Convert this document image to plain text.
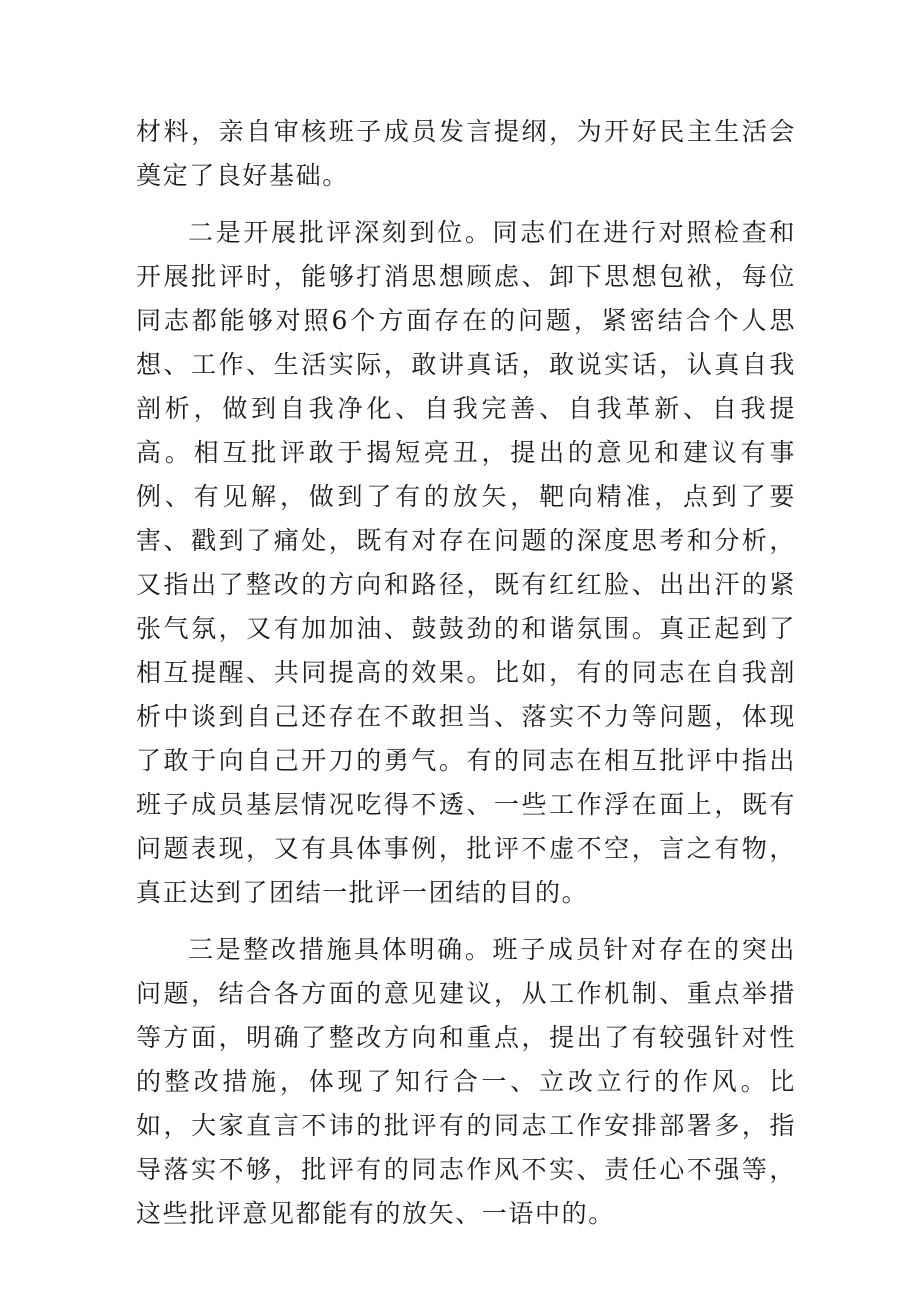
材料，亲自审核班子成员发言提纲，为开好民主生活会奠定了良好基础。

二是开展批评深刻到位。同志们在进行对照检查和开展批评时，能够打消思想顾虑、卸下思想包袱，每位同志都能够对照6个方面存在的问题，紧密结合个人思想、工作、生活实际，敢讲真话，敢说实话，认真自我剖析，做到自我净化、自我完善、自我革新、自我提高。相互批评敢于揭短亮丑，提出的意见和建议有事例、有见解，做到了有的放矢，靶向精准，点到了要害、戳到了痛处，既有对存在问题的深度思考和分析，又指出了整改的方向和路径，既有红红脸、出出汗的紧张气氛，又有加加油、鼓鼓劲的和谐氛围。真正起到了相互提醒、共同提高的效果。比如，有的同志在自我剖析中谈到自己还存在不敢担当、落实不力等问题，体现了敢于向自己开刀的勇气。有的同志在相互批评中指出班子成员基层情况吃得不透、一些工作浮在面上，既有问题表现，又有具体事例，批评不虚不空，言之有物，真正达到了团结一批评一团结的目的。

三是整改措施具体明确。班子成员针对存在的突出问题，结合各方面的意见建议，从工作机制、重点举措等方面，明确了整改方向和重点，提出了有较强针对性的整改措施，体现了知行合一、立改立行的作风。比如，大家直言不讳的批评有的同志工作安排部署多，指导落实不够，批评有的同志作风不实、责任心不强等，这些批评意见都能有的放矢、一语中的。
